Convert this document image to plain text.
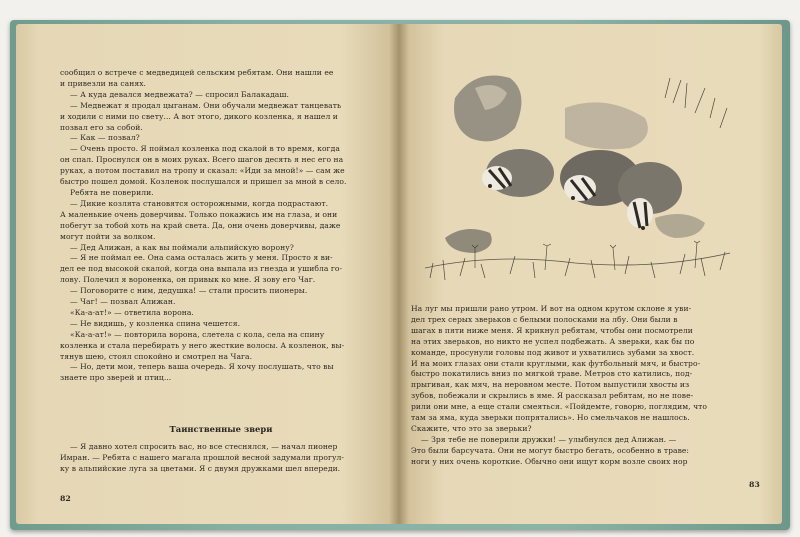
сообщил о встрече с медведицей сельским ребятам. Они нашли ее

и привезли на санях.

— А куда девался медвежата? — спросил Балакадаш.

— Медвежат я продал цыганам. Они обучали медвежат танцевать

и ходили с ними по свету... А вот этого, дикого козленка, я нашел и

позвал его за собой.

— Как — позвал?

— Очень просто. Я поймал козленка под скалой в то время, когда

он спал. Проснулся он в моих руках. Всего шагов десять я нес его на

руках, а потом поставил на тропу и сказал: «Иди за мной!» — сам же

быстро пошел домой. Козленок послушался и пришел за мной в село.

Ребята не поверили.

— Дикие козлята становятся осторожными, когда подрастают.

А маленькие очень доверчивы. Только покажись им на глаза, и они

побегут за тобой хоть на край света. Да, они очень доверчивы, даже

могут пойти за волком.

— Дед Алижан, а как вы поймали альпийскую ворону?

— Я не поймал ее. Она сама осталась жить у меня. Просто я ви-

дел ее под высокой скалой, когда она выпала из гнезда и ушибла го-

лову. Полечил я вороненка, он привык ко мне. Я зову его Чаг.

— Поговорите с ним, дедушка! — стали просить пионеры.

— Чаг! — позвал Алижан.

«Ка-а-ат!» — ответила ворона.

— Не видишь, у козленка спина чешется.

«Ка-а-ат!» — повторила ворона, слетела с кола, села на спину

козленка и стала перебирать у него жесткие волосы. А козленок, вы-

тянув шею, стоял спокойно и смотрел на Чага.

— Но, дети мои, теперь ваша очередь. Я хочу послушать, что вы

знаете про зверей и птиц...

Таинственные звери

— Я давно хотел спросить вас, но все стеснялся, — начал пионер

Имран. — Ребята с нашего магала прошлой весной задумали прогул-

ку в альпийские луга за цветами. Я с двумя дружками шел впереди.

82

На луг мы пришли рано утром. И вот на одном крутом склоне я уви-

дел трех серых зверьков с белыми полосками на лбу. Они были в

шагах в пяти ниже меня. Я крикнул ребятам, чтобы они посмотрели

на этих зверьков, но никто не успел подбежать. А зверьки, как бы по

команде, просунули головы под живот и ухватились зубами за хвост.

И на моих глазах они стали круглыми, как футбольный мяч, и быстро-

быстро покатились вниз по мягкой траве. Метров сто катились, под-

прыгивая, как мяч, на неровном месте. Потом выпустили хвосты из

зубов, побежали и скрылись в яме. Я рассказал ребятам, но не пове-

рили они мне, а еще стали смеяться. «Пойдемте, говорю, поглядим, что

там за яма, куда зверьки попрятались». Но смельчаков не нашлось.

Скажите, что это за зверьки?

— Зря тебе не поверили дружки! — улыбнулся дед Алижан. —

Это были барсучата. Они не могут быстро бегать, особенно в траве:

ноги у них очень короткие. Обычно они ищут корм возле своих нор

83
